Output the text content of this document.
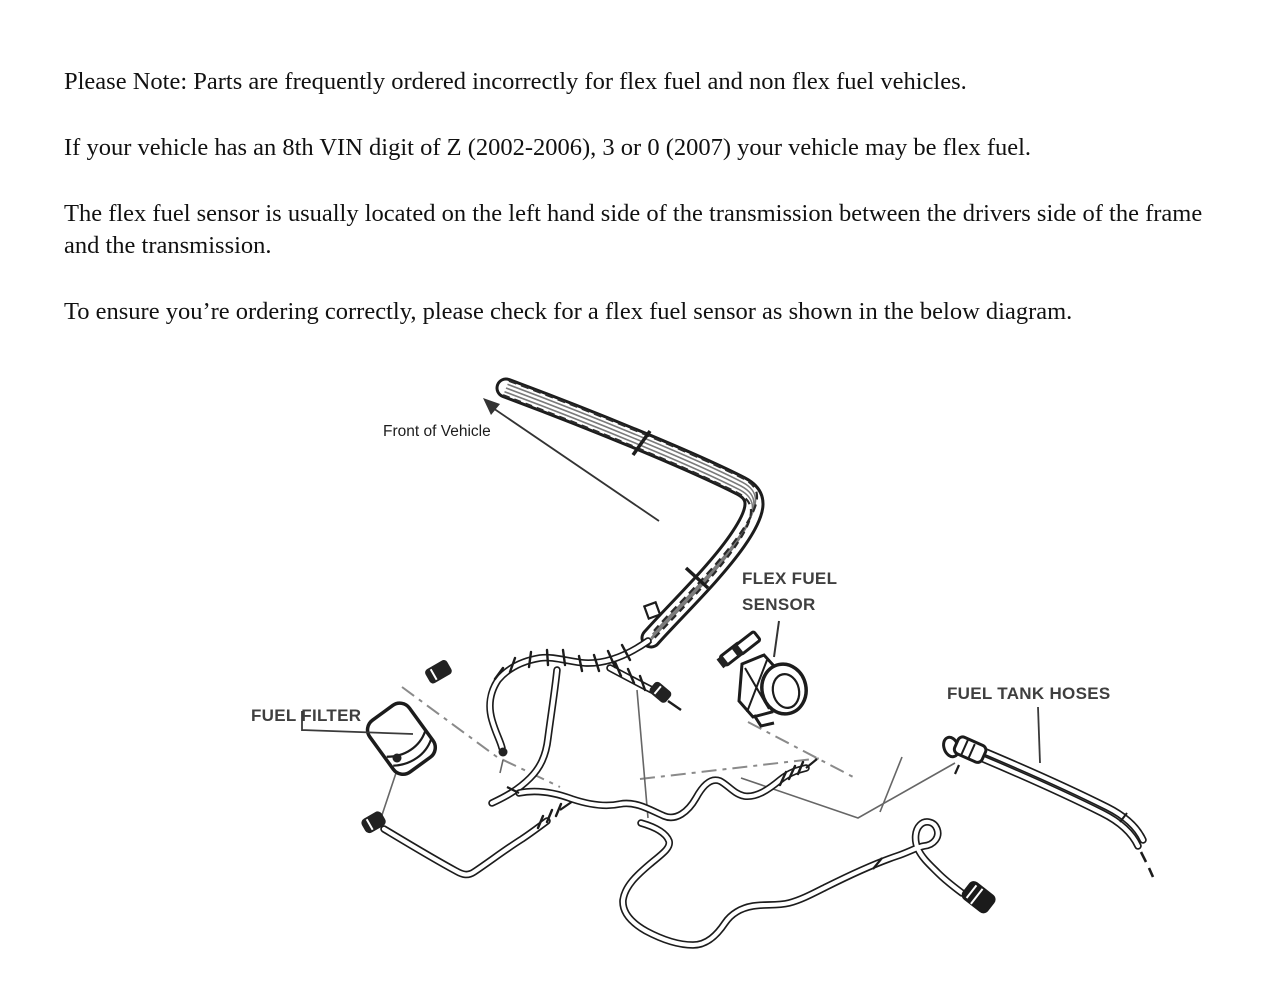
Please Note: Parts are frequently ordered incorrectly for flex fuel and non flex fuel vehicles.

If your vehicle has an 8th VIN digit of Z (2002-2006), 3 or 0 (2007) your vehicle may be flex fuel.

The flex fuel sensor is usually located on the left hand side of the transmission between the drivers side of the frame and the transmission.

To ensure you’re ordering correctly, please check for a flex fuel sensor as shown in the below diagram.

Front of Vehicle
FLEX FUEL
SENSOR
FUEL FILTER
FUEL TANK HOSES
